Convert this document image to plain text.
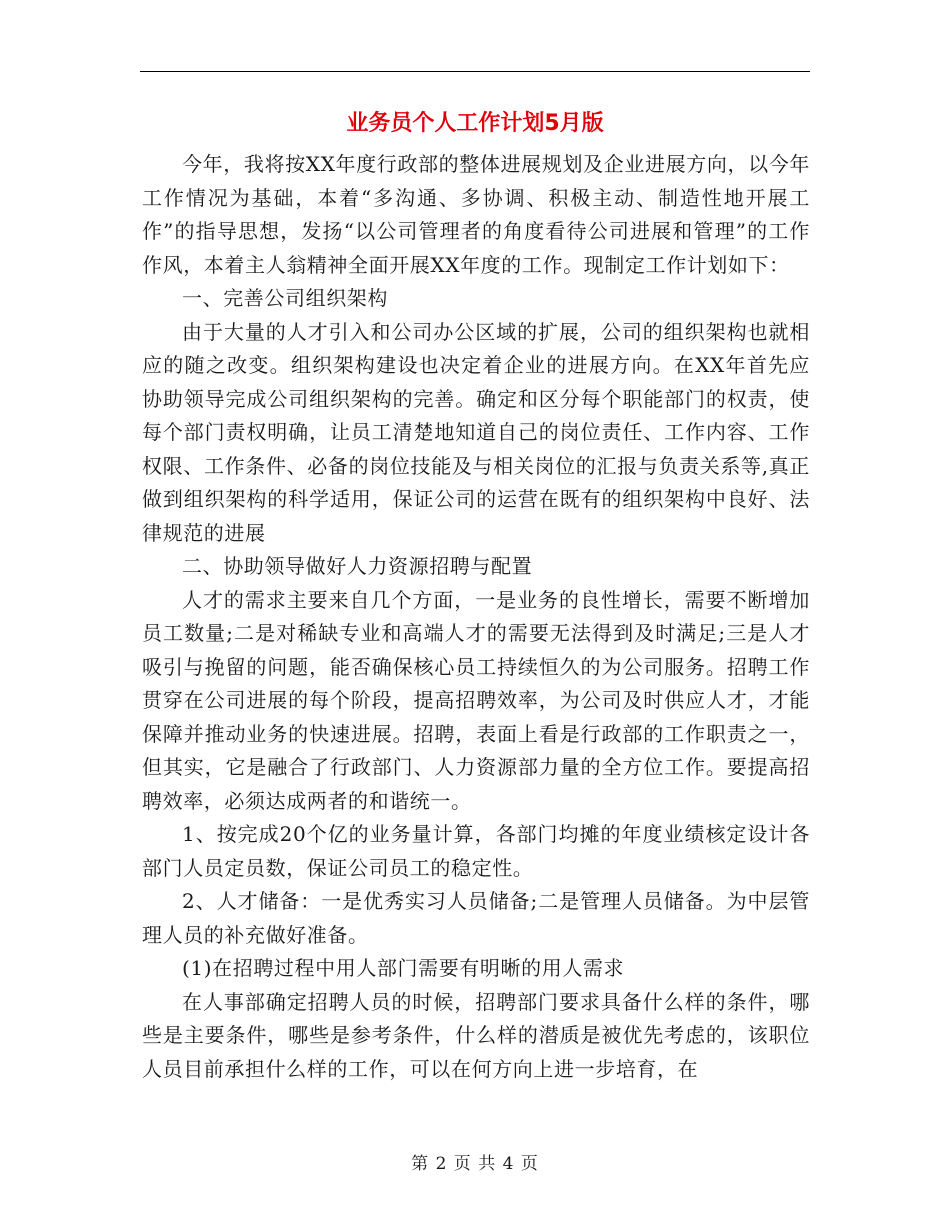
业务员个人工作计划5月版

今年，我将按XX年度行政部的整体进展规划及企业进展方向，以今年工作情况为基础，本着“多沟通、多协调、积极主动、制造性地开展工作”的指导思想，发扬“以公司管理者的角度看待公司进展和管理”的工作作风，本着主人翁精神全面开展XX年度的工作。现制定工作计划如下：

一、完善公司组织架构

由于大量的人才引入和公司办公区域的扩展，公司的组织架构也就相应的随之改变。组织架构建设也决定着企业的进展方向。在XX年首先应协助领导完成公司组织架构的完善。确定和区分每个职能部门的权责，使每个部门责权明确，让员工清楚地知道自己的岗位责任、工作内容、工作权限、工作条件、必备的岗位技能及与相关岗位的汇报与负责关系等,真正做到组织架构的科学适用，保证公司的运营在既有的组织架构中良好、法律规范的进展

二、协助领导做好人力资源招聘与配置

人才的需求主要来自几个方面，一是业务的良性增长，需要不断增加员工数量;二是对稀缺专业和高端人才的需要无法得到及时满足;三是人才吸引与挽留的问题，能否确保核心员工持续恒久的为公司服务。招聘工作贯穿在公司进展的每个阶段，提高招聘效率，为公司及时供应人才，才能保障并推动业务的快速进展。招聘，表面上看是行政部的工作职责之一，但其实，它是融合了行政部门、人力资源部力量的全方位工作。要提高招聘效率，必须达成两者的和谐统一。

1、按完成20个亿的业务量计算，各部门均摊的年度业绩核定设计各部门人员定员数，保证公司员工的稳定性。

2、人才储备：一是优秀实习人员储备;二是管理人员储备。为中层管理人员的补充做好准备。

(1)在招聘过程中用人部门需要有明晰的用人需求

在人事部确定招聘人员的时候，招聘部门要求具备什么样的条件，哪些是主要条件，哪些是参考条件，什么样的潜质是被优先考虑的，该职位人员目前承担什么样的工作，可以在何方向上进一步培育，在

第 2 页 共 4 页
